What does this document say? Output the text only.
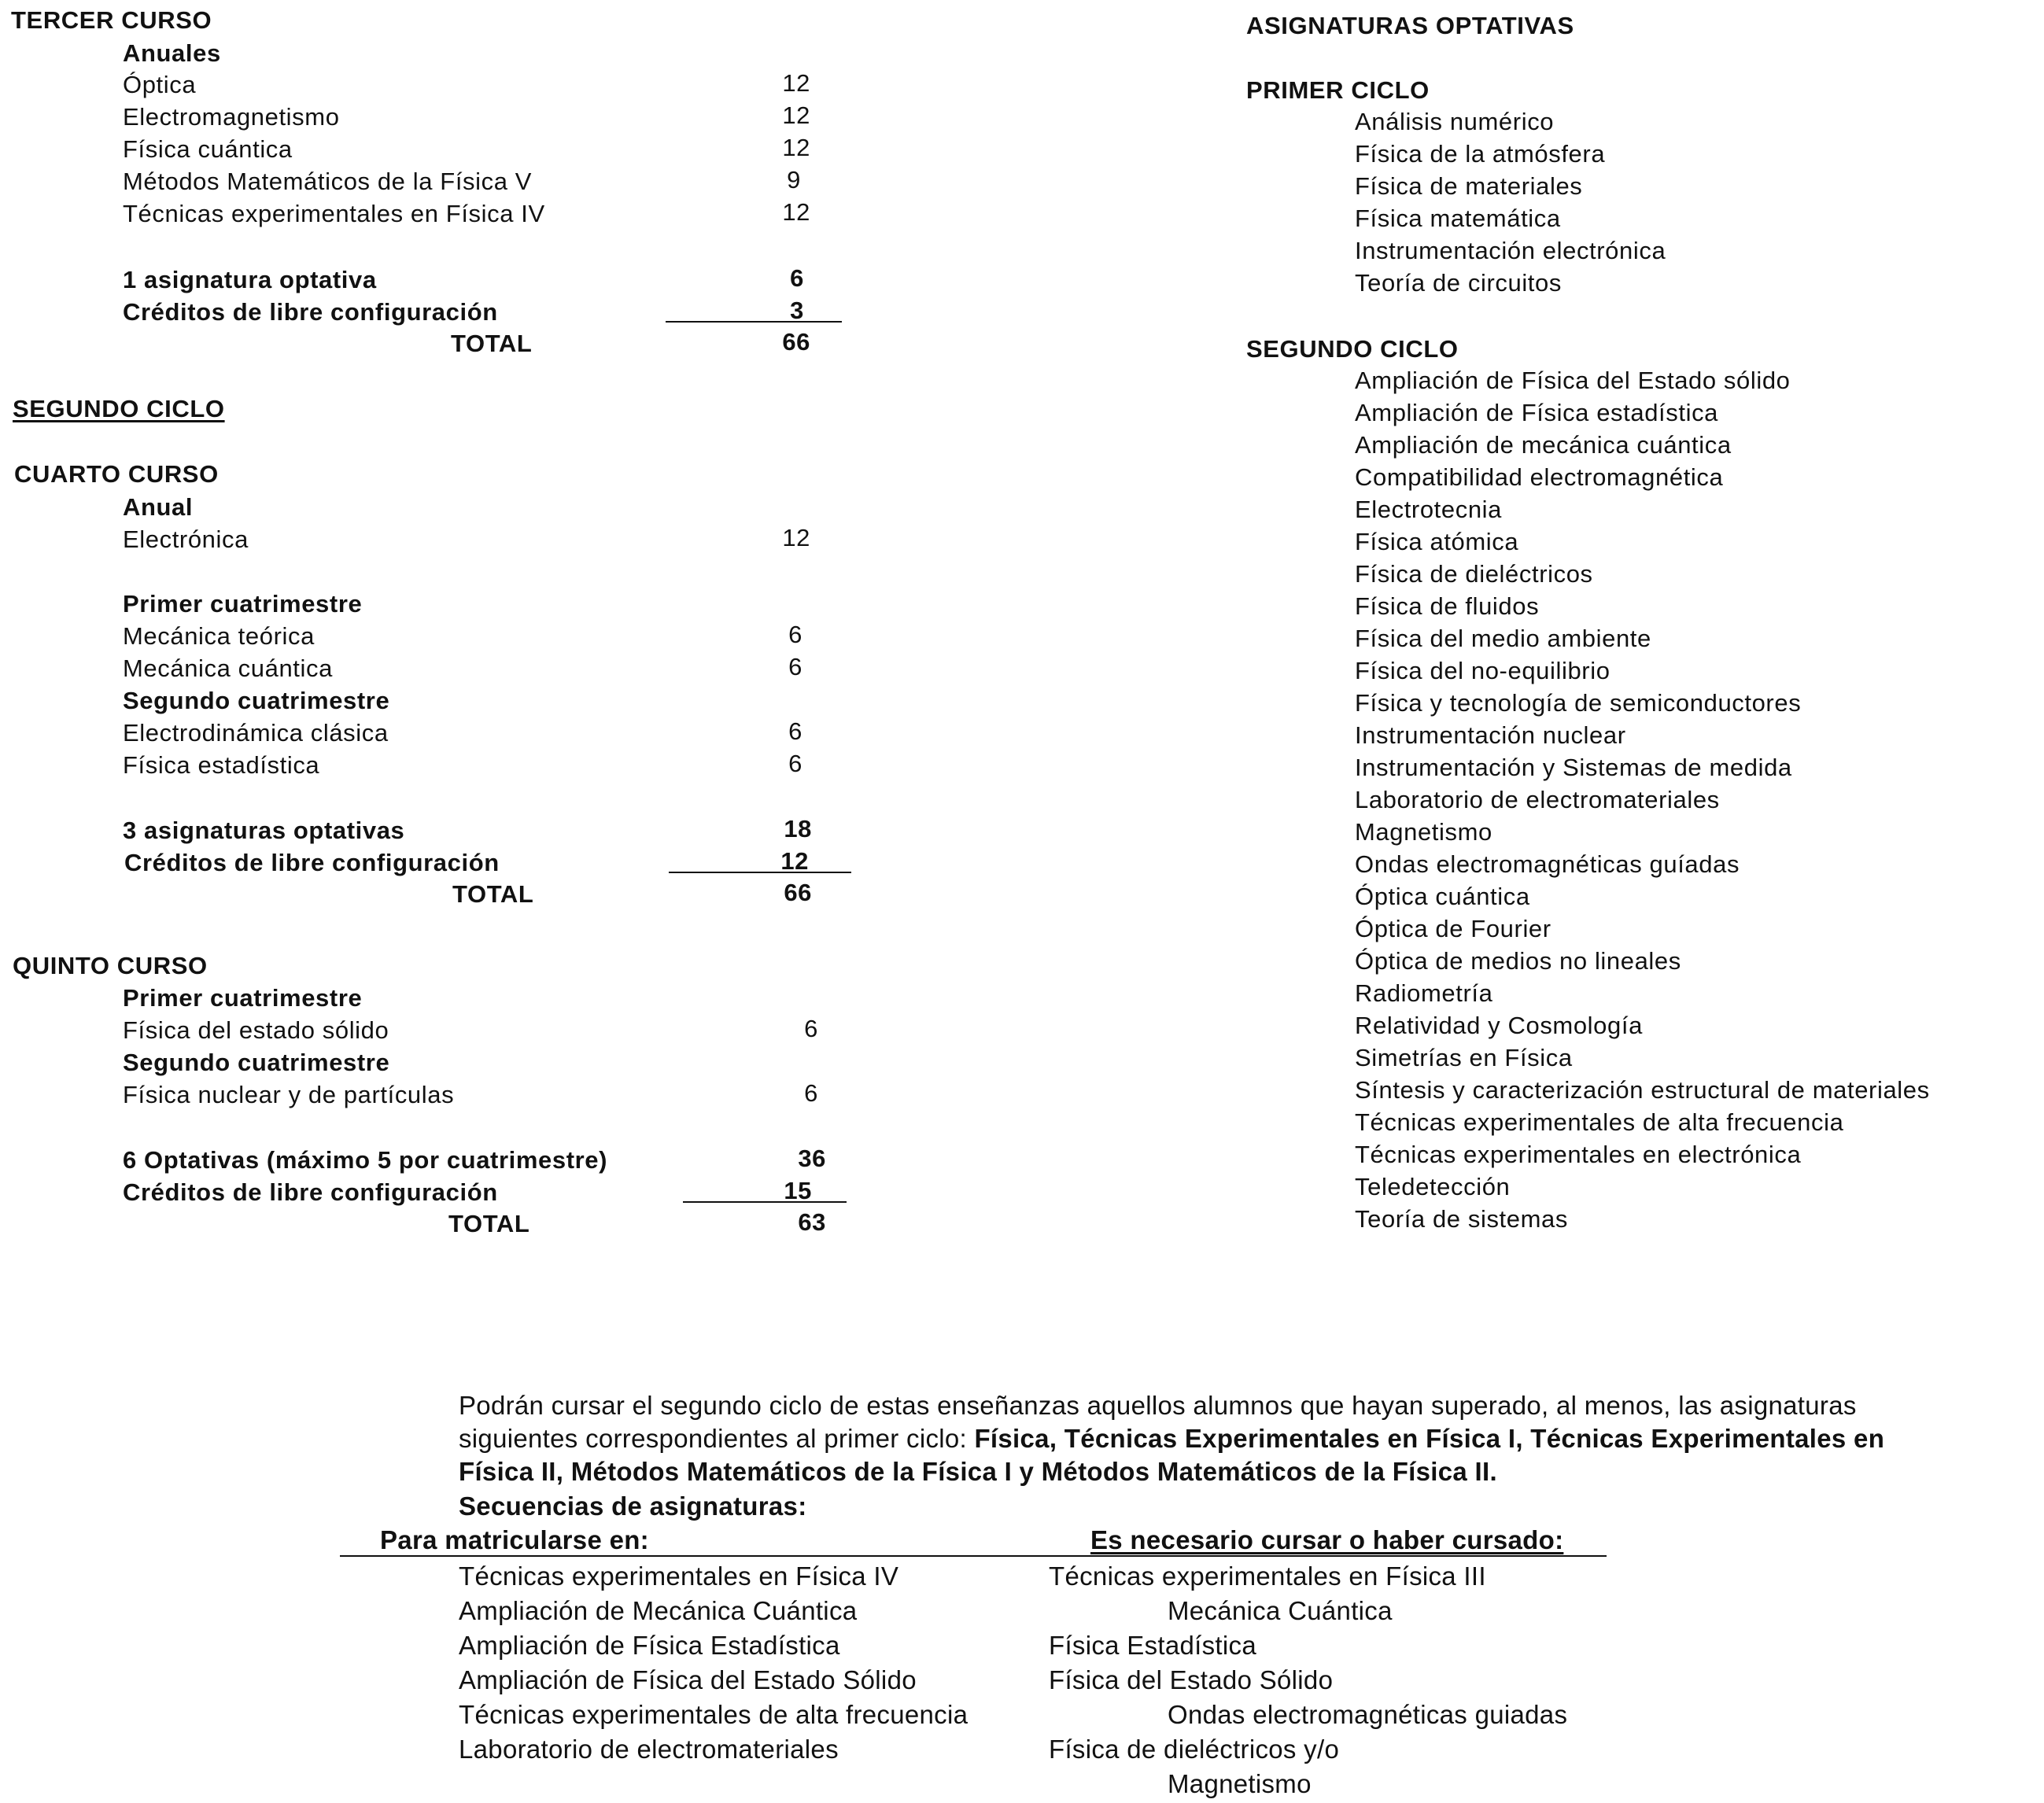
TERCER CURSO
Anuales
Óptica	12
Electromagnetismo	12
Física cuántica	12
Métodos Matemáticos de la Física V	9
Técnicas experimentales en Física IV	12
1 asignatura optativa	6
Créditos de libre configuración	3
TOTAL	66
SEGUNDO CICLO
CUARTO CURSO
Anual
Electrónica	12
Primer cuatrimestre
Mecánica teórica	6
Mecánica cuántica	6
Segundo cuatrimestre
Electrodinámica clásica	6
Física estadística	6
3 asignaturas optativas	18
Créditos de libre configuración	12
TOTAL	66
QUINTO CURSO
Primer cuatrimestre
Física del estado sólido	6
Segundo cuatrimestre
Física nuclear y de partículas	6
6 Optativas (máximo 5 por cuatrimestre)	36
Créditos de libre configuración	15
TOTAL	63
ASIGNATURAS OPTATIVAS
PRIMER CICLO
Análisis numérico
Física de la atmósfera
Física de materiales
Física matemática
Instrumentación electrónica
Teoría de circuitos
SEGUNDO CICLO
Ampliación de Física del Estado sólido
Ampliación de Física estadística
Ampliación de mecánica cuántica
Compatibilidad electromagnética
Electrotecnia
Física atómica
Física de dieléctricos
Física de fluidos
Física del medio ambiente
Física del no-equilibrio
Física y tecnología de semiconductores
Instrumentación nuclear
Instrumentación y Sistemas de medida
Laboratorio de electromateriales
Magnetismo
Ondas electromagnéticas guíadas
Óptica cuántica
Óptica de Fourier
Óptica de medios no lineales
Radiometría
Relatividad y Cosmología
Simetrías en Física
Síntesis y caracterización estructural de materiales
Técnicas experimentales de alta frecuencia
Técnicas experimentales en electrónica
Teledetección
Teoría de sistemas
Podrán cursar el segundo ciclo de estas enseñanzas aquellos alumnos que hayan superado, al menos, las asignaturas
siguientes correspondientes al primer ciclo: Física, Técnicas Experimentales en Física I, Técnicas Experimentales en
Física II, Métodos Matemáticos de la Física I y Métodos Matemáticos de la Física II.
Secuencias de asignaturas:
Para matricularse en:	Es necesario cursar o haber cursado:
Técnicas experimentales en Física IV	Técnicas experimentales en Física III
Ampliación de Mecánica Cuántica	Mecánica Cuántica
Ampliación de Física Estadística	Física Estadística
Ampliación de Física del Estado Sólido	Física del Estado Sólido
Técnicas experimentales de alta frecuencia	Ondas electromagnéticas guiadas
Laboratorio de electromateriales	Física de dieléctricos y/o
Magnetismo
